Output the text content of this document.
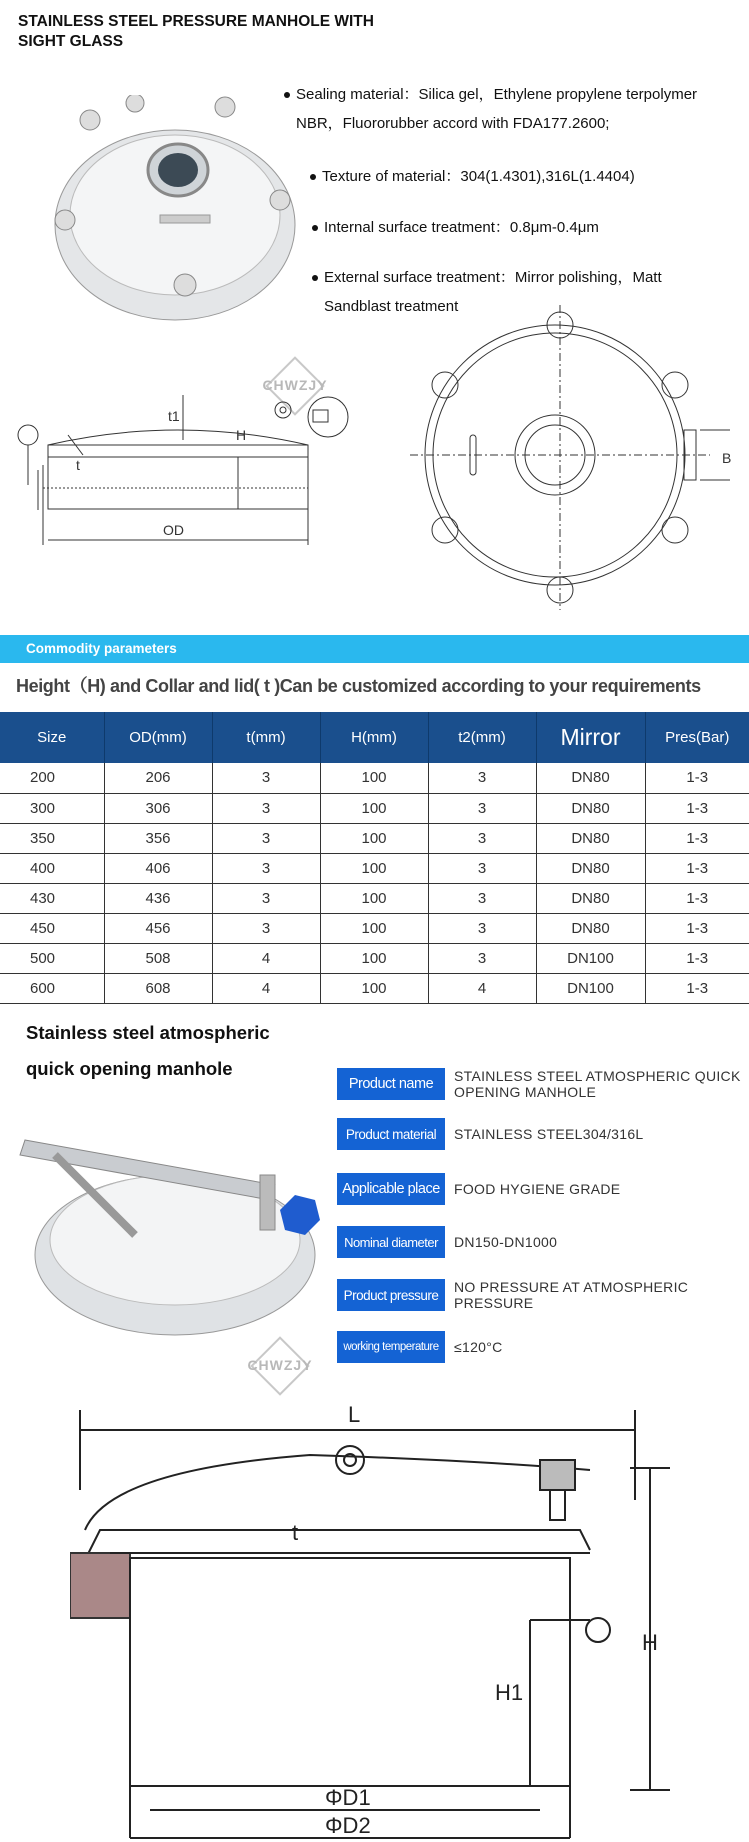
STAINLESS STEEL PRESSURE MANHOLE WITH SIGHT GLASS
Sealing material：Silica gel，Ethylene propylene terpolymer
NBR，Fluororubber accord with FDA177.2600;
Texture of material：304(1.4301),316L(1.4404)
Internal surface treatment：0.8μm-0.4μm
External surface treatment：Mirror polishing，Matt
Sandblast treatment
CHWZJY
t1
H
t
OD
B
Commodity parameters
Height（H) and Collar and lid( t )Can be customized according to your requirements
Size	OD(mm)	t(mm)	H(mm)	t2(mm)	Mirror	Pres(Bar)
200	206	3	100	3	DN80	1-3
300	306	3	100	3	DN80	1-3
350	356	3	100	3	DN80	1-3
400	406	3	100	3	DN80	1-3
430	436	3	100	3	DN80	1-3
450	456	3	100	3	DN80	1-3
500	508	4	100	3	DN100	1-3
600	608	4	100	4	DN100	1-3
Stainless steel atmospheric
quick opening manhole
Product name	STAINLESS STEEL ATMOSPHERIC QUICK
OPENING MANHOLE
Product material	STAINLESS STEEL304/316L
Applicable place	FOOD HYGIENE GRADE
Nominal diameter	DN150-DN1000
Product pressure	NO PRESSURE AT ATMOSPHERIC PRESSURE
working temperature	≤120°C
CHWZJY
L
t
H
H1
ΦD1
ΦD2
